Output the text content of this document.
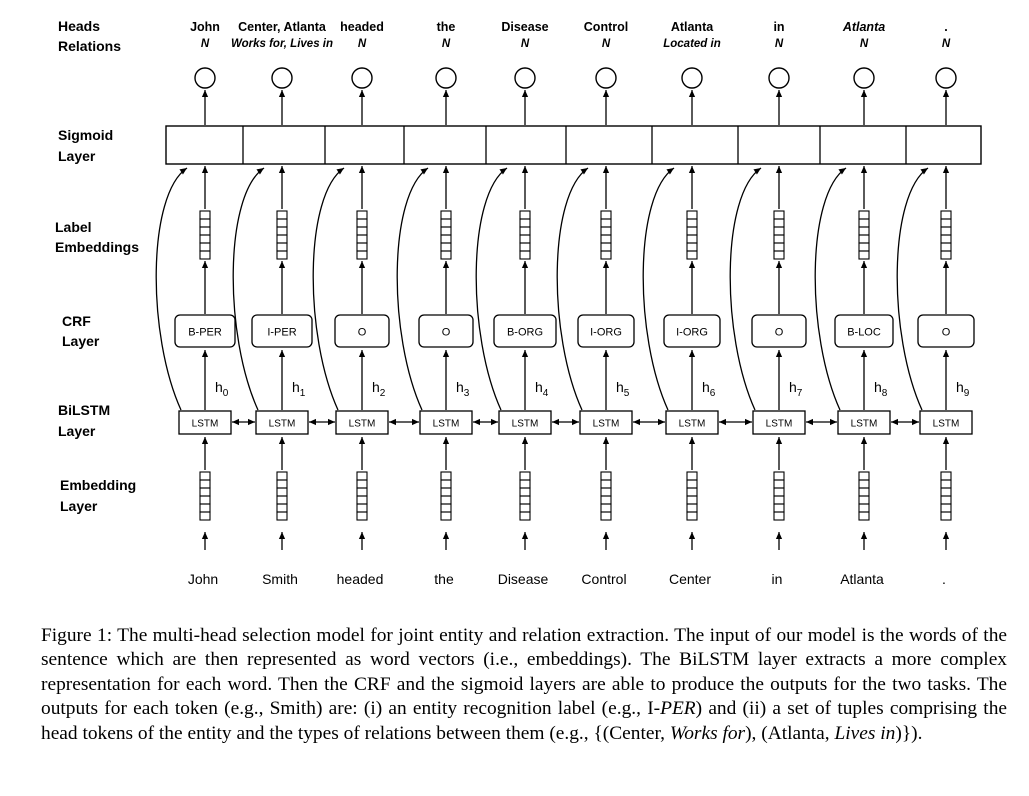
Heads
Relations
Sigmoid
Layer
Label
Embeddings
CRF
Layer
BiLSTM
Layer
Embedding
Layer
John
N
B-PER
LSTM
$h_0$
John
Center, Atlanta
Works for, Lives in
I-PER
LSTM
$h_1$
Smith
headed
N
O
LSTM
$h_2$
headed
the
N
O
LSTM
$h_3$
the
Disease
N
B-ORG
LSTM
$h_4$
Disease
Control
N
I-ORG
LSTM
$h_5$
Control
Atlanta
Located in
I-ORG
LSTM
$h_6$
Center
in
N
O
LSTM
$h_7$
in
Atlanta
N
B-LOC
LSTM
$h_8$
Atlanta
.
N
O
LSTM
$h_9$
.
Figure 1: The multi-head selection model for joint entity and relation extraction. The input of our model is the words of the sentence which are then represented as word vectors (i.e., embeddings). The BiLSTM layer extracts a more complex representation for each word. Then the CRF and the sigmoid layers are able to produce the outputs for the two tasks. The outputs for each token (e.g., Smith) are: (i) an entity recognition label (e.g., I-PER) and (ii) a set of tuples comprising the head tokens of the entity and the types of relations between them (e.g., {(Center, Works for), (Atlanta, Lives in)}).
